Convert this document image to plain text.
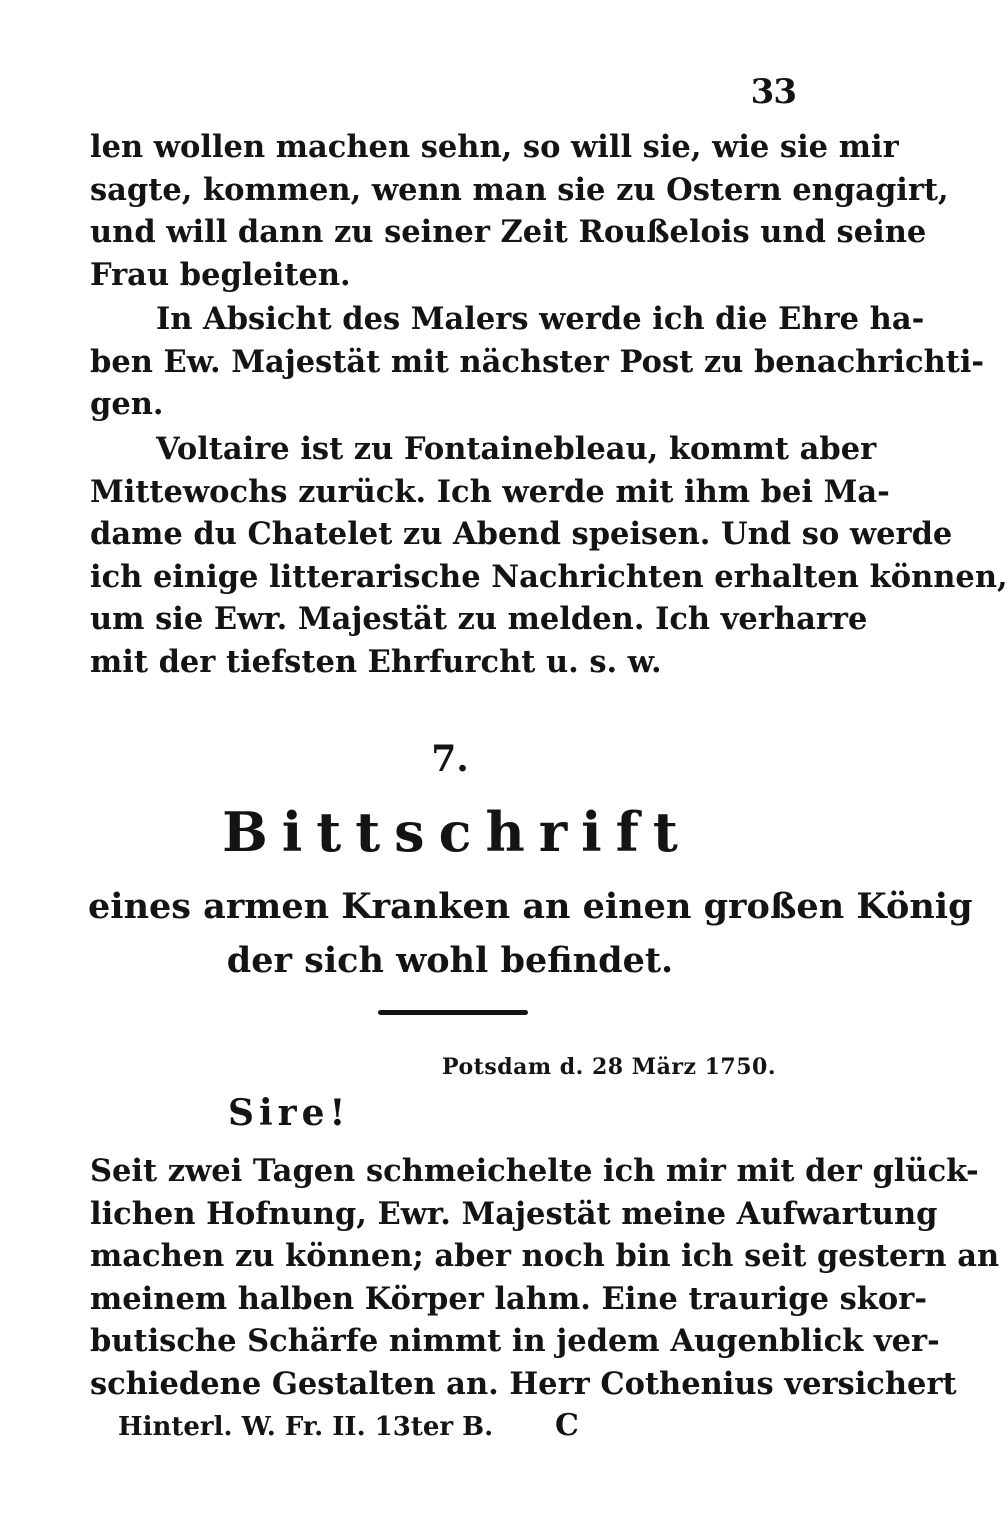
33
len wollen machen sehn, so will sie, wie sie mir
sagte, kommen, wenn man sie zu Ostern engagirt,
und will dann zu seiner Zeit Roußelois und seine
Frau begleiten.
In Absicht des Malers werde ich die Ehre ha-
ben Ew. Majestät mit nächster Post zu benachrichti-
gen.
Voltaire ist zu Fontainebleau, kommt aber
Mittewochs zurück. Ich werde mit ihm bei Ma-
dame du Chatelet zu Abend speisen. Und so werde
ich einige litterarische Nachrichten erhalten können,
um sie Ewr. Majestät zu melden. Ich verharre
mit der tiefsten Ehrfurcht u. s. w.
7.
Bittschrift
eines armen Kranken an einen großen König
der sich wohl befindet.
Potsdam d. 28 März 1750.
Sire!
Seit zwei Tagen schmeichelte ich mir mit der glück-
lichen Hofnung, Ewr. Majestät meine Aufwartung
machen zu können; aber noch bin ich seit gestern an
meinem halben Körper lahm. Eine traurige skor-
butische Schärfe nimmt in jedem Augenblick ver-
schiedene Gestalten an. Herr Cothenius versichert
Hinterl. W. Fr. II. 13ter B. C
